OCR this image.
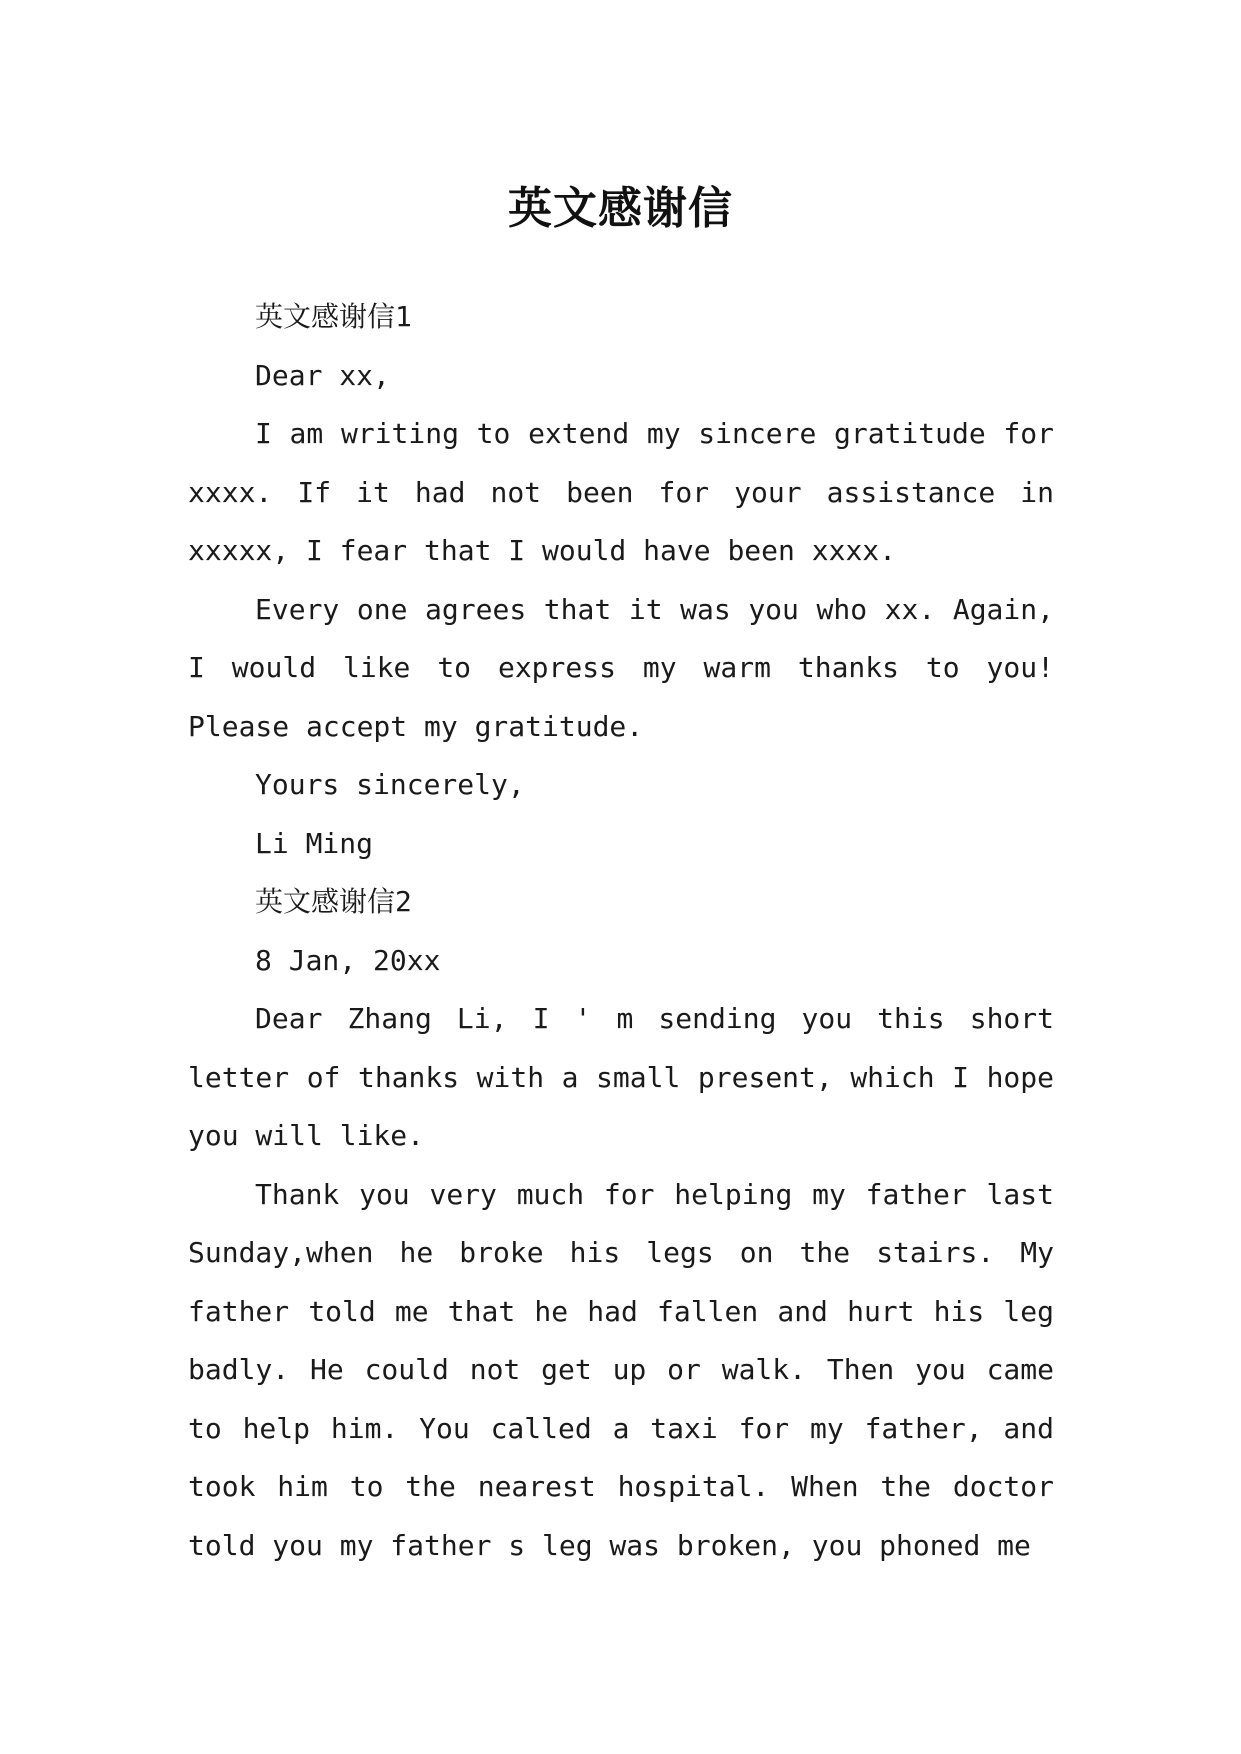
英文感谢信

英文感谢信1

Dear xx,

I am writing to extend my sincere gratitude for xxxx. If it had not been for your assistance in xxxxx, I fear that I would have been xxxx.

Every one agrees that it was you who xx. Again, I would like to express my warm thanks to you! Please accept my gratitude.

Yours sincerely,

Li Ming

英文感谢信2

8 Jan, 20xx

Dear Zhang Li, I ' m sending you this short letter of thanks with a small present, which I hope you will like.

Thank you very much for helping my father last Sunday,when he broke his legs on the stairs. My father told me that he had fallen and hurt his leg badly. He could not get up or walk. Then you came to help him. You called a taxi for my father, and took him to the nearest hospital. When the doctor told you my father s leg was broken, you phoned me
